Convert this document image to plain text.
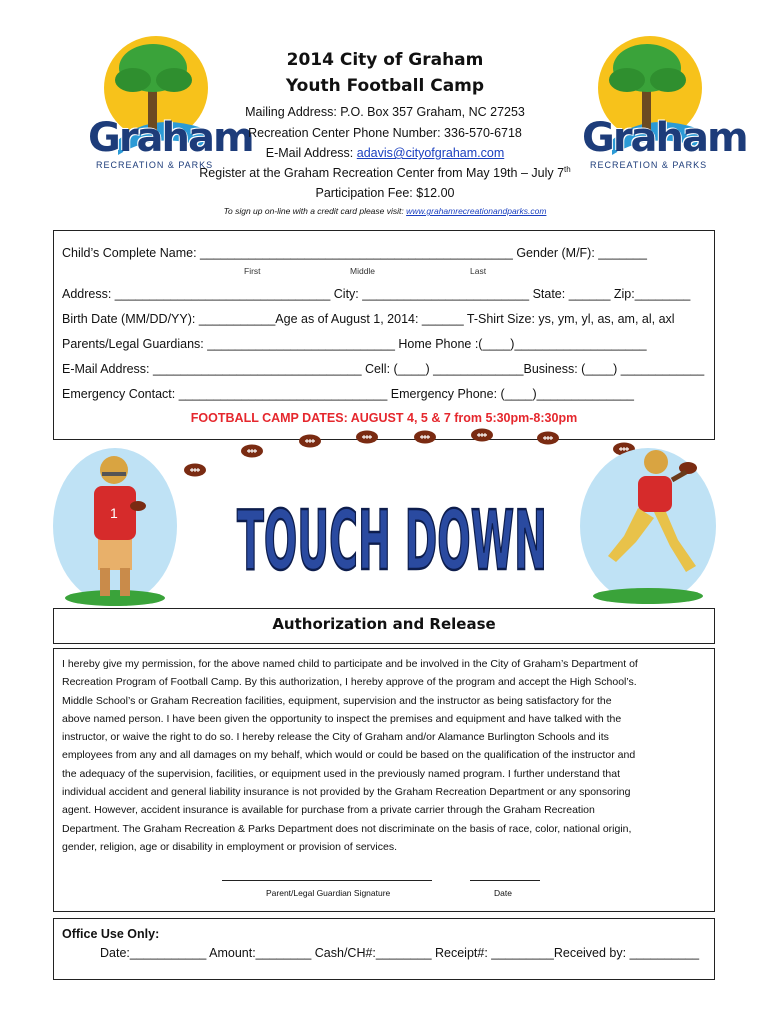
Graham
RECREATION & PARKS
Graham
RECREATION & PARKS
2014 City of Graham
Youth Football Camp
Mailing Address: P.O. Box 357 Graham, NC 27253
Recreation Center Phone Number: 336-570-6718
E-Mail Address: adavis@cityofgraham.com
Register at the Graham Recreation Center from May 19th – July 7th
Participation Fee: $12.00
To sign up on-line with a credit card please visit: www.grahamrecreationandparks.com
Child’s Complete Name: _____________________________________________ Gender (M/F): _______
First	Middle	Last
Address: _______________________________ City: ________________________ State: ______ Zip:________
Birth Date (MM/DD/YY): ___________Age as of August 1, 2014: ______ T-Shirt Size: ys, ym, yl, as, am, al, axl
Parents/Legal Guardians: ___________________________ Home Phone :(____)___________________
E-Mail Address: ______________________________ Cell: (____) _____________Business: (____) ____________
Emergency Contact: ______________________________ Emergency Phone: (____)______________
FOOTBALL CAMP DATES: AUGUST 4, 5 & 7 from 5:30pm-8:30pm
1 TOUCH DOWN
Authorization and Release
I hereby give my permission, for the above named child to participate and be involved in the City of Graham’s Department of
Recreation Program of Football Camp. By this authorization, I hereby approve of the program and accept the High School’s.
Middle School’s or Graham Recreation facilities, equipment, supervision and the instructor as being satisfactory for the
above named person. I have been given the opportunity to inspect the premises and equipment and have talked with the
instructor, or waive the right to do so. I hereby release the City of Graham and/or Alamance Burlington Schools and its
employees from any and all damages on my behalf, which would or could be based on the qualification of the instructor and
the adequacy of the supervision, facilities, or equipment used in the previously named program. I further understand that
individual accident and general liability insurance is not provided by the Graham Recreation Department or any sponsoring
agent. However, accident insurance is available for purchase from a private carrier through the Graham Recreation
Department. The Graham Recreation & Parks Department does not discriminate on the basis of race, color, national origin,
gender, religion, age or disability in employment or provision of services.
Parent/Legal Guardian Signature	Date
Office Use Only:
Date:___________ Amount:________ Cash/CH#:________ Receipt#: _________Received by: __________
